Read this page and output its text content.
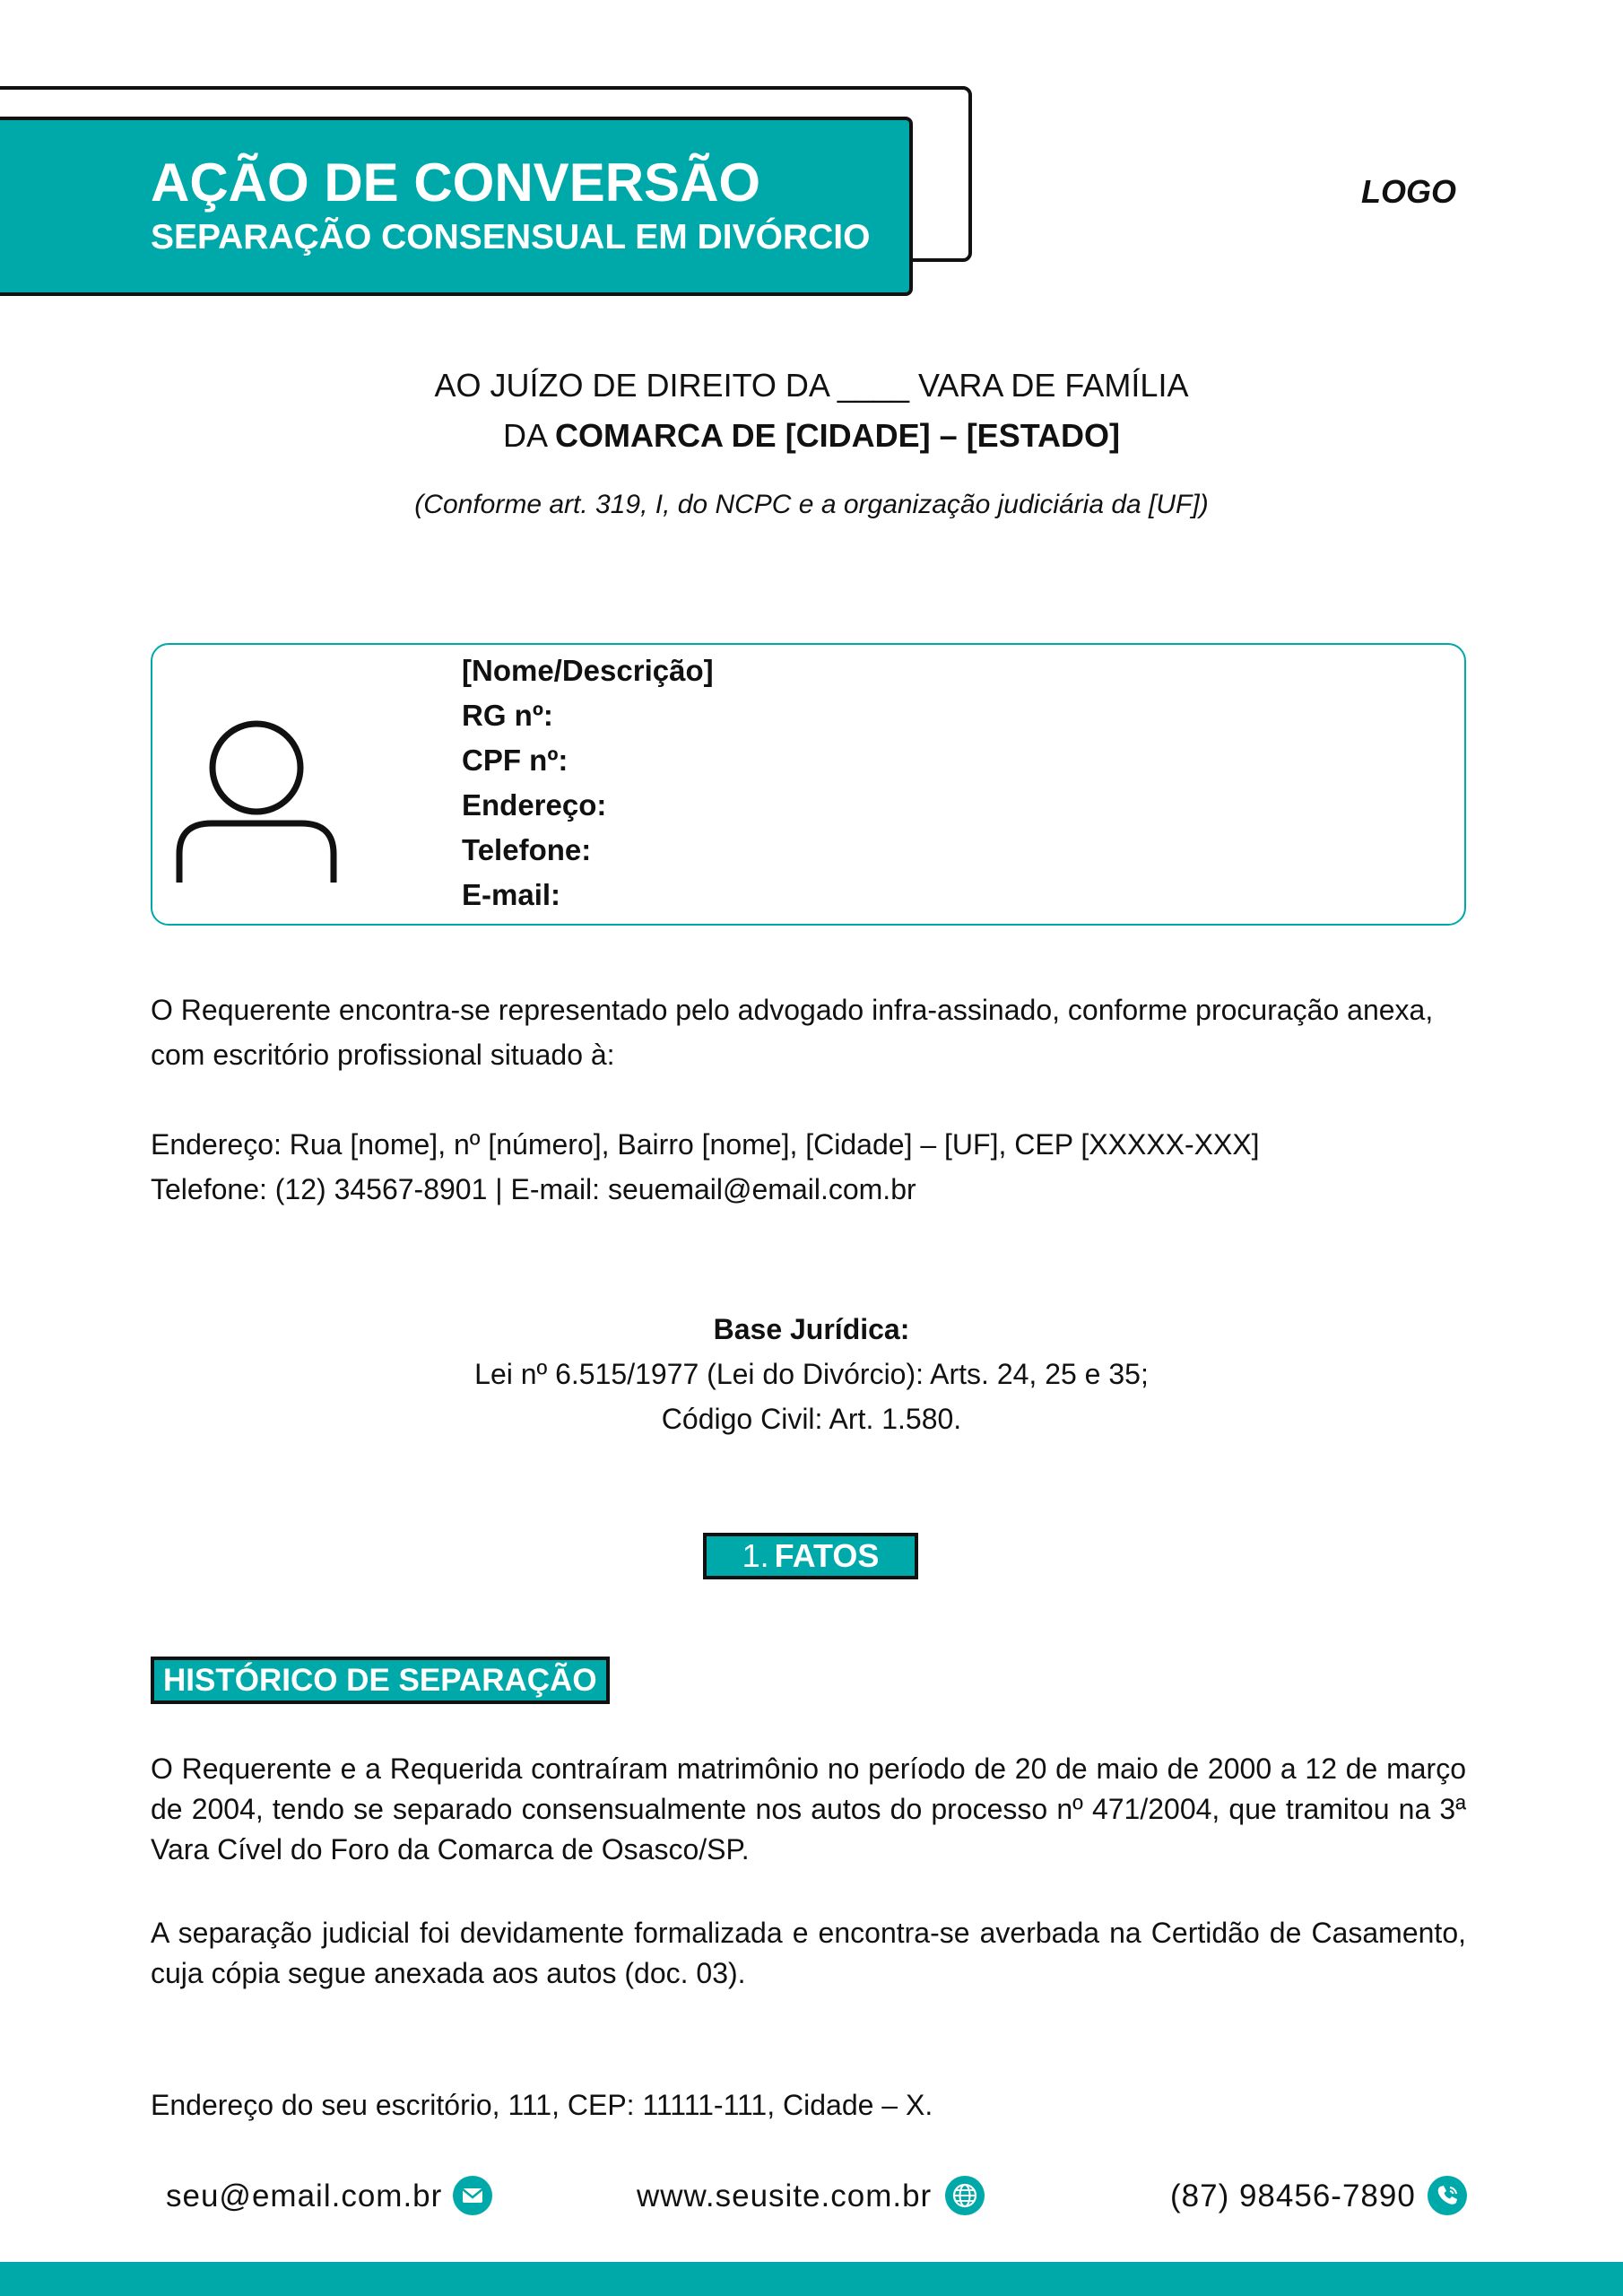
AÇÃO DE CONVERSÃO
SEPARAÇÃO CONSENSUAL EM DIVÓRCIO
LOGO
AO JUÍZO DE DIREITO DA ____ VARA DE FAMÍLIA
DA COMARCA DE [CIDADE] – [ESTADO]
(Conforme art. 319, I, do NCPC e a organização judiciária da [UF])
[Nome/Descrição]
RG nº:
CPF nº:
Endereço:
Telefone:
E-mail:
O Requerente encontra-se representado pelo advogado infra-assinado, conforme procuração anexa, com escritório profissional situado à:
Endereço: Rua [nome], nº [número], Bairro [nome], [Cidade] – [UF], CEP [XXXXX-XXX]
Telefone: (12) 34567-8901 | E-mail: seuemail@email.com.br
Base Jurídica:
Lei nº 6.515/1977 (Lei do Divórcio): Arts. 24, 25 e 35;
Código Civil: Art. 1.580.
1. FATOS
HISTÓRICO DE SEPARAÇÃO
O Requerente e a Requerida contraíram matrimônio no período de 20 de maio de 2000 a 12 de março de 2004, tendo se separado consensualmente nos autos do processo nº 471/2004, que tramitou na 3ª Vara Cível do Foro da Comarca de Osasco/SP.
A separação judicial foi devidamente formalizada e encontra-se averbada na Certidão de Casamento, cuja cópia segue anexada aos autos (doc. 03).
Endereço do seu escritório, 111, CEP: 11111-111, Cidade – X.
seu@email.com.br	www.seusite.com.br	(87) 98456-7890
